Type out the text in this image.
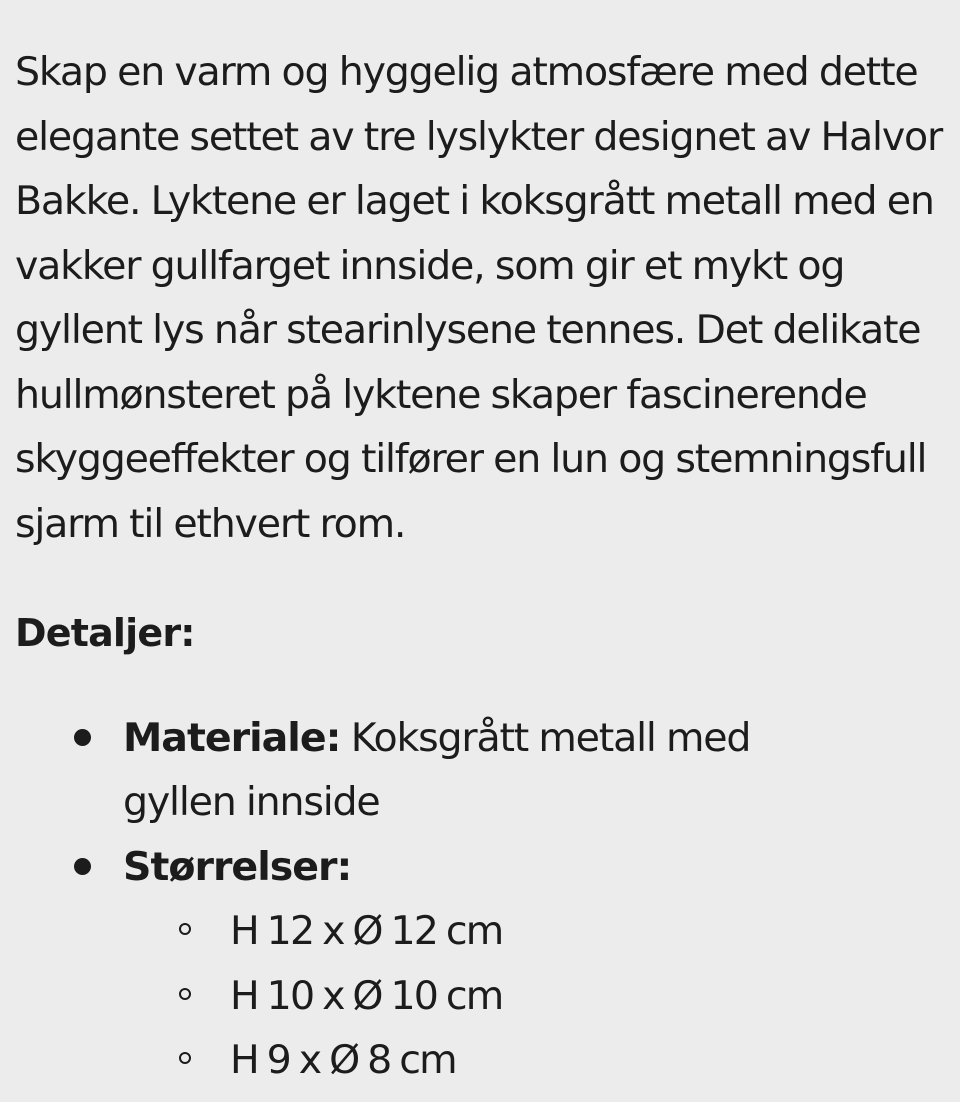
Skap en varm og hyggelig atmosfære med dette elegante settet av tre lyslykter designet av Halvor Bakke. Lyktene er laget i koksgrått metall med en vakker gullfarget innside, som gir et mykt og gyllent lys når stearinlysene tennes. Det delikate hullmønsteret på lyktene skaper fascinerende skyggeeffekter og tilfører en lun og stemningsfull sjarm til ethvert rom.

Detaljer:
Materiale: Koksgrått metall med gyllen innside
Størrelser:
H 12 x Ø 12 cm
H 10 x Ø 10 cm
H 9 x Ø 8 cm
